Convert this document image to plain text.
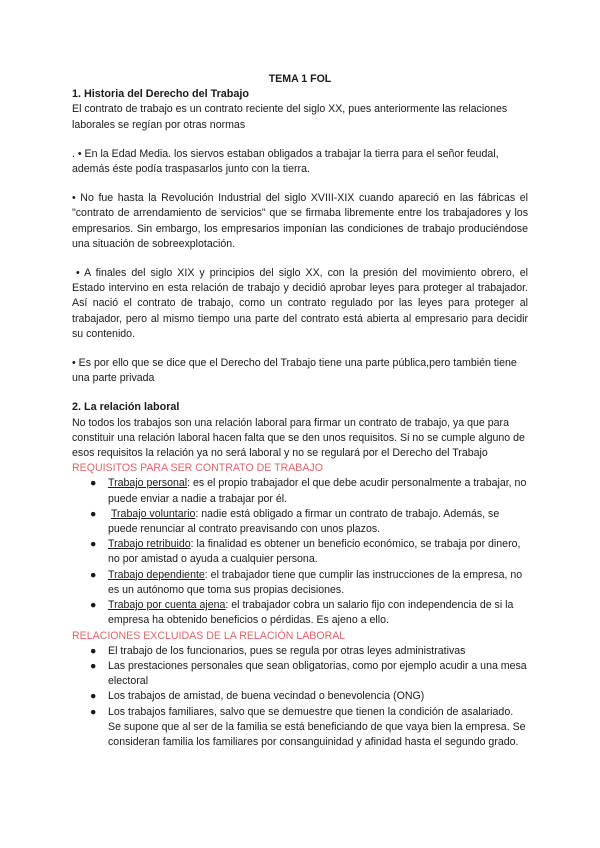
TEMA 1 FOL

1. Historia del Derecho del Trabajo

El contrato de trabajo es un contrato reciente del siglo XX, pues anteriormente las relaciones laborales se regían por otras normas

. • En la Edad Media. los siervos estaban obligados a trabajar la tierra para el señor feudal, además éste podía traspasarlos junto con la tierra.

• No fue hasta la Revolución Industrial del siglo XVIII-XIX cuando apareció en las fábricas el "contrato de arrendamiento de servicios" que se firmaba libremente entre los trabajadores y los empresarios. Sin embargo, los empresarios imponían las condiciones de trabajo produciéndose una situación de sobreexplotación.

• A finales del siglo XIX y principios del siglo XX, con la presión del movimiento obrero, el Estado intervino en esta relación de trabajo y decidió aprobar leyes para proteger al trabajador. Así nació el contrato de trabajo, como un contrato regulado por las leyes para proteger al trabajador, pero al mismo tiempo una parte del contrato está abierta al empresario para decidir su contenido.

• Es por ello que se dice que el Derecho del Trabajo tiene una parte pública,pero también tiene una parte privada

2. La relación laboral

No todos los trabajos son una relación laboral para firmar un contrato de trabajo, ya que para constituir una relación laboral hacen falta que se den unos requisitos. Si no se cumple alguno de esos requisitos la relación ya no será laboral y no se regulará por el Derecho del Trabajo

REQUISITOS PARA SER CONTRATO DE TRABAJO

● Trabajo personal: es el propio trabajador el que debe acudir personalmente a trabajar, no puede enviar a nadie a trabajar por él.
● Trabajo voluntario: nadie está obligado a firmar un contrato de trabajo. Además, se puede renunciar al contrato preavisando con unos plazos.
● Trabajo retribuido: la finalidad es obtener un beneficio económico, se trabaja por dinero, no por amistad o ayuda a cualquier persona.
● Trabajo dependiente: el trabajador tiene que cumplir las instrucciones de la empresa, no es un autónomo que toma sus propias decisiones.
● Trabajo por cuenta ajena: el trabajador cobra un salario fijo con independencia de si la empresa ha obtenido beneficios o pérdidas. Es ajeno a ello.

RELACIONES EXCLUIDAS DE LA RELACIÓN LABORAL

● El trabajo de los funcionarios, pues se regula por otras leyes administrativas
● Las prestaciones personales que sean obligatorias, como por ejemplo acudir a una mesa electoral
● Los trabajos de amistad, de buena vecindad o benevolencia (ONG)
● Los trabajos familiares, salvo que se demuestre que tienen la condición de asalariado. Se supone que al ser de la familia se está beneficiando de que vaya bien la empresa. Se consideran familia los familiares por consanguinidad y afinidad hasta el segundo grado.
